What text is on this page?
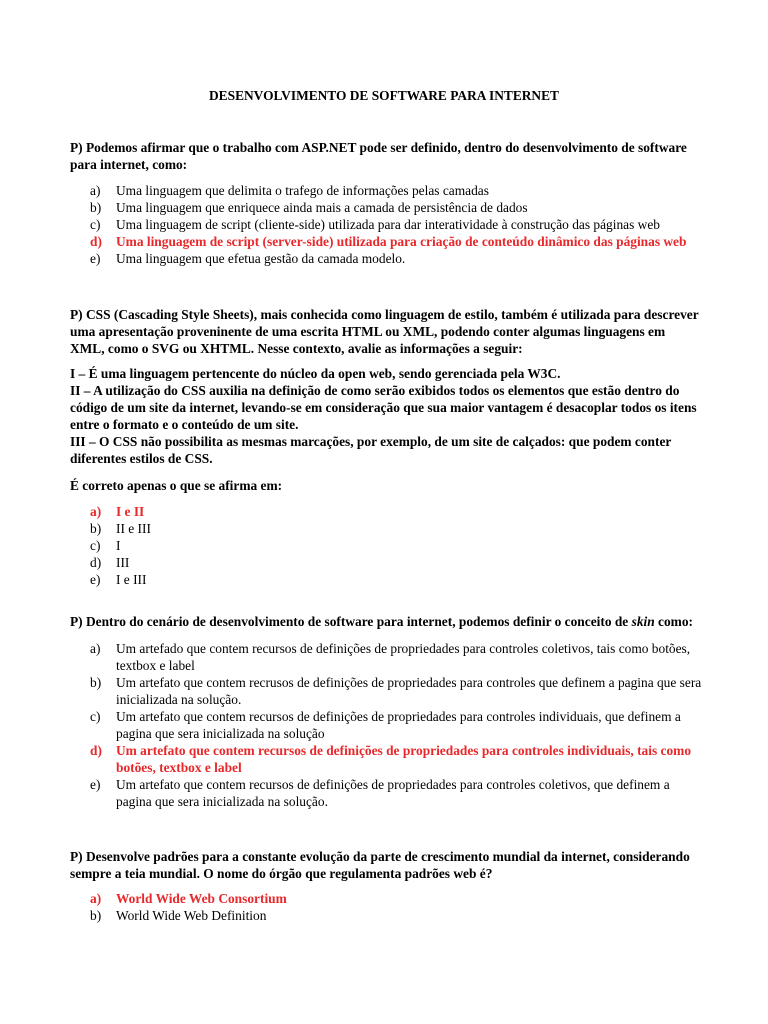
DESENVOLVIMENTO DE SOFTWARE PARA INTERNET

P) Podemos afirmar que o trabalho com ASP.NET pode ser definido, dentro do desenvolvimento de software para internet, como:

a) Uma linguagem que delimita o trafego de informações pelas camadas
b) Uma linguagem que enriquece ainda mais a camada de persistência de dados
c) Uma linguagem de script (cliente-side) utilizada para dar interatividade à construção das páginas web
d) Uma linguagem de script (server-side) utilizada para criação de conteúdo dinâmico das páginas web
e) Uma linguagem que efetua gestão da camada modelo.

P) CSS (Cascading Style Sheets), mais conhecida como linguagem de estilo, também é utilizada para descrever uma apresentação proveninente de uma escrita HTML ou XML, podendo conter algumas linguagens em XML, como o SVG ou XHTML. Nesse contexto, avalie as informações a seguir:

I – É uma linguagem pertencente do núcleo da open web, sendo gerenciada pela W3C.

II – A utilização do CSS auxilia na definição de como serão exibidos todos os elementos que estão dentro do código de um site da internet, levando-se em consideração que sua maior vantagem é desacoplar todos os itens entre o formato e o conteúdo de um site.

III – O CSS não possibilita as mesmas marcações, por exemplo, de um site de calçados: que podem conter diferentes estilos de CSS.

É correto apenas o que se afirma em:

a) I e II
b) II e III
c) I
d) III
e) I e III

P) Dentro do cenário de desenvolvimento de software para internet, podemos definir o conceito de skin como:

a) Um artefado que contem recursos de definições de propriedades para controles coletivos, tais como botões, textbox e label
b) Um artefato que contem recrusos de definições de propriedades para controles que definem a pagina que sera inicializada na solução.
c) Um artefato que contem recursos de definições de propriedades para controles individuais, que definem a pagina que sera inicializada na solução
d) Um artefato que contem recursos de definições de propriedades para controles individuais, tais como botões, textbox e label
e) Um artefato que contem recursos de definições de propriedades para controles coletivos, que definem a pagina que sera inicializada na solução.

P) Desenvolve padrões para a constante evolução da parte de crescimento mundial da internet, considerando sempre a teia mundial. O nome do órgão que regulamenta padrões web é?

a) World Wide Web Consortium
b) World Wide Web Definition
